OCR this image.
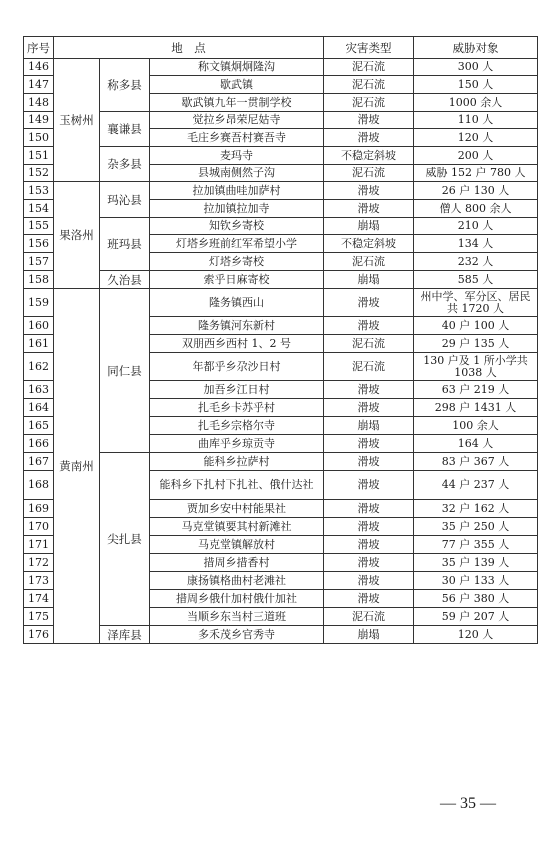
序号	地　点			灾害类型	威胁对象
146	玉树州	称多县	称文镇炯炯隆沟	泥石流	300 人
147			歇武镇	泥石流	150 人
148			歇武镇九年一贯制学校	泥石流	1000 余人
149		襄谦县	觉拉乡昂荣尼姑寺	滑坡	110 人
150			毛庄乡赛吾村赛吾寺	滑坡	120 人
151		杂多县	麦玛寺	不稳定斜坡	200 人
152			县城南侧然子沟	泥石流	威胁 152 户 780 人
153	果洛州	玛沁县	拉加镇曲哇加萨村	滑坡	26 户 130 人
154			拉加镇拉加寺	滑坡	僧人 800 余人
155		班玛县	知钦乡寄校	崩塌	210 人
156			灯塔乡班前红军希望小学	不稳定斜坡	134 人
157			灯塔乡寄校	泥石流	232 人
158		久治县	索乎日麻寄校	崩塌	585 人
159	黄南州	同仁县	隆务镇西山	滑坡	州中学、军分区、居民共 1720 人
160			隆务镇河东新村	滑坡	40 户 100 人
161			双朋西乡西村 1、2 号	泥石流	29 户 135 人
162			年都乎乡尕沙日村	泥石流	130 户及 1 所小学共 1038 人
163			加吾乡江日村	滑坡	63 户 219 人
164			扎毛乡卡苏乎村	滑坡	298 户 1431 人
165			扎毛乡宗格尔寺	崩塌	100 余人
166			曲库乎乡琼贡寺	滑坡	164 人
167		尖扎县	能科乡拉萨村	滑坡	83 户 367 人
168			能科乡下扎村下扎社、俄什达社	滑坡	44 户 237 人
169			贾加乡安中村能果社	滑坡	32 户 162 人
170			马克堂镇要其村新滩社	滑坡	35 户 250 人
171			马克堂镇解放村	滑坡	77 户 355 人
172			措周乡措香村	滑坡	35 户 139 人
173			康扬镇格曲村老滩社	滑坡	30 户 133 人
174			措周乡俄什加村俄什加社	滑坡	56 户 380 人
175			当顺乡东当村三道班	泥石流	59 户 207 人
176		泽库县	多禾茂乡官秀寺	崩塌	120 人
— 35 —
